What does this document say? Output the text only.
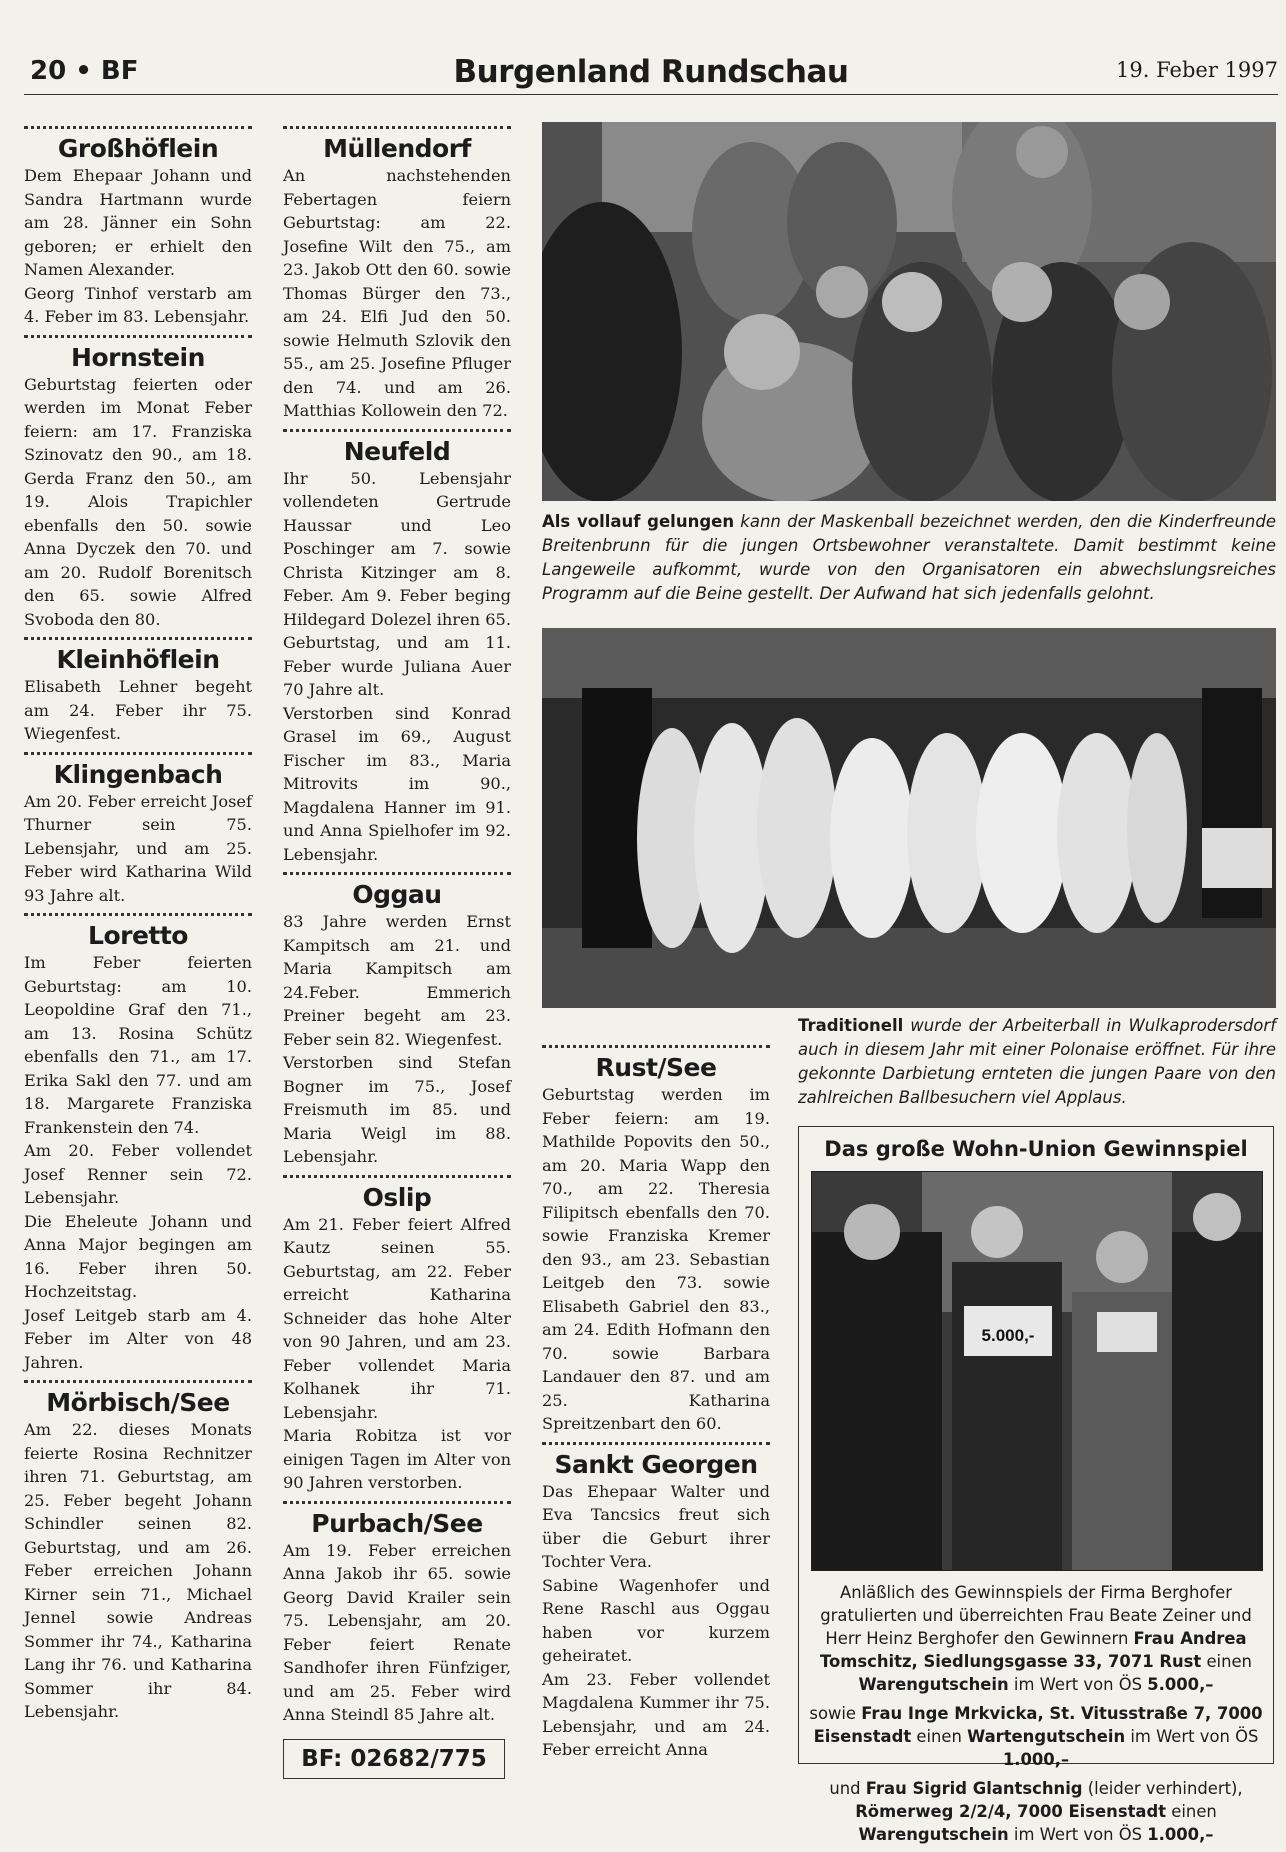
20 • BF	Burgenland Rundschau	19. Feber 1997
Großhöflein

Dem Ehepaar Johann und Sandra Hartmann wurde am 28. Jänner ein Sohn geboren; er erhielt den Namen Alexander.

Georg Tinhof verstarb am 4. Feber im 83. Lebensjahr.

Hornstein

Geburtstag feierten oder werden im Monat Feber feiern: am 17. Franziska Szinovatz den 90., am 18. Gerda Franz den 50., am 19. Alois Trapichler ebenfalls den 50. sowie Anna Dyczek den 70. und am 20. Rudolf Borenitsch den 65. sowie Alfred Svoboda den 80.

Kleinhöflein

Elisabeth Lehner begeht am 24. Feber ihr 75. Wiegenfest.

Klingenbach

Am 20. Feber erreicht Josef Thurner sein 75. Lebensjahr, und am 25. Feber wird Katharina Wild 93 Jahre alt.

Loretto

Im Feber feierten Geburtstag: am 10. Leopoldine Graf den 71., am 13. Rosina Schütz ebenfalls den 71., am 17. Erika Sakl den 77. und am 18. Margarete Franziska Frankenstein den 74.

Am 20. Feber vollendet Josef Renner sein 72. Lebensjahr.

Die Eheleute Johann und Anna Major begingen am 16. Feber ihren 50. Hochzeitstag.

Josef Leitgeb starb am 4. Feber im Alter von 48 Jahren.

Mörbisch/See

Am 22. dieses Monats feierte Rosina Rechnitzer ihren 71. Geburtstag, am 25. Feber begeht Johann Schindler seinen 82. Geburtstag, und am 26. Feber erreichen Johann Kirner sein 71., Michael Jennel sowie Andreas Sommer ihr 74., Katharina Lang ihr 76. und Katharina Sommer ihr 84. Lebensjahr.

Müllendorf

An nachstehenden Febertagen feiern Geburtstag: am 22. Josefine Wilt den 75., am 23. Jakob Ott den 60. sowie Thomas Bürger den 73., am 24. Elfi Jud den 50. sowie Helmuth Szlovik den 55., am 25. Josefine Pfluger den 74. und am 26. Matthias Kollowein den 72.

Neufeld

Ihr 50. Lebensjahr vollendeten Gertrude Haussar und Leo Poschinger am 7. sowie Christa Kitzinger am 8. Feber. Am 9. Feber beging Hildegard Dolezel ihren 65. Geburtstag, und am 11. Feber wurde Juliana Auer 70 Jahre alt.

Verstorben sind Konrad Grasel im 69., August Fischer im 83., Maria Mitrovits im 90., Magdalena Hanner im 91. und Anna Spielhofer im 92. Lebensjahr.

Oggau

83 Jahre werden Ernst Kampitsch am 21. und Maria Kampitsch am 24.Feber. Emmerich Preiner begeht am 23. Feber sein 82. Wiegenfest.

Verstorben sind Stefan Bogner im 75., Josef Freismuth im 85. und Maria Weigl im 88. Lebensjahr.

Oslip

Am 21. Feber feiert Alfred Kautz seinen 55. Geburtstag, am 22. Feber erreicht Katharina Schneider das hohe Alter von 90 Jahren, und am 23. Feber vollendet Maria Kolhanek ihr 71. Lebensjahr.

Maria Robitza ist vor einigen Tagen im Alter von 90 Jahren verstorben.

Purbach/See

Am 19. Feber erreichen Anna Jakob ihr 65. sowie Georg David Krailer sein 75. Lebensjahr, am 20. Feber feiert Renate Sandhofer ihren Fünfziger, und am 25. Feber wird Anna Steindl 85 Jahre alt.

BF: 02682/775
Rust/See

Geburtstag werden im Feber feiern: am 19. Mathilde Popovits den 50., am 20. Maria Wapp den 70., am 22. Theresia Filipitsch ebenfalls den 70. sowie Franziska Kremer den 93., am 23. Sebastian Leitgeb den 73. sowie Elisabeth Gabriel den 83., am 24. Edith Hofmann den 70. sowie Barbara Landauer den 87. und am 25. Katharina Spreitzenbart den 60.

Sankt Georgen

Das Ehepaar Walter und Eva Tancsics freut sich über die Geburt ihrer Tochter Vera.

Sabine Wagenhofer und Rene Raschl aus Oggau haben vor kurzem geheiratet.

Am 23. Feber vollendet Magdalena Kummer ihr 75. Lebensjahr, und am 24. Feber erreicht Anna

Als vollauf gelungen kann der Maskenball bezeichnet werden, den die Kinderfreunde Breitenbrunn für die jungen Ortsbewohner veranstaltete. Damit bestimmt keine Langeweile aufkommt, wurde von den Organisatoren ein abwechslungsreiches Programm auf die Beine gestellt. Der Aufwand hat sich jedenfalls gelohnt.
Traditionell wurde der Arbeiterball in Wulkaprodersdorf auch in diesem Jahr mit einer Polonaise eröffnet. Für ihre gekonnte Darbietung ernteten die jungen Paare von den zahlreichen Ballbesuchern viel Applaus.
Das große Wohn-Union Gewinnspiel
5.000,-

Anläßlich des Gewinnspiels der Firma Berghofer gratulierten und überreichten Frau Beate Zeiner und Herr Heinz Berghofer den Gewinnern Frau Andrea Tomschitz, Siedlungsgasse 33, 7071 Rust einen Warengutschein im Wert von ÖS 5.000,–

sowie Frau Inge Mrkvicka, St. Vitusstraße 7, 7000 Eisenstadt einen Wartengutschein im Wert von ÖS 1.000,–

und Frau Sigrid Glantschnig (leider verhindert), Römerweg 2/2/4, 7000 Eisenstadt einen Warengutschein im Wert von ÖS 1.000,–
